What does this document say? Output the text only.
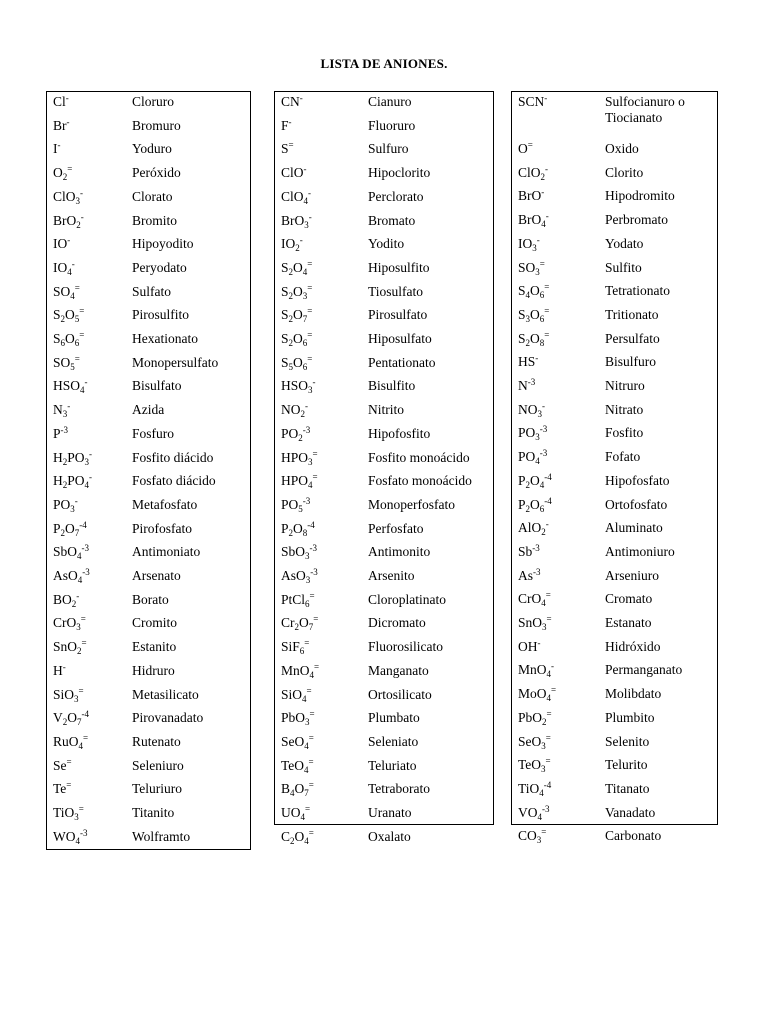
LISTA DE ANIONES.
Cl-	Cloruro
Br-	Bromuro
I-	Yoduro
$O_2^=$	Peróxido
ClO$_3$-	Clorato
BrO$_2$-	Bromito
IO-	Hipoyodito
$IO_4^-$	Peryodato
$SO_4^=$	Sulfato
$S_2O_5^=$	Pirosulfito
$S_6O_6^=$	Hexationato
$SO_5^=$	Monopersulfato
$HSO_4^-$	Bisulfato
$N_3^-$	Azida
$P^{-3}$	Fosfuro
$H_2PO_3^-$	Fosfito diácido
$H_2PO_4^-$	Fosfato diácido
$PO_3^-$	Metafosfato
$P_2O_7^{-4}$	Pirofosfato
SbO$_4^{-3}$	Antimoniato
AsO$_4^{-3}$	Arsenato
$BO_2^-$	Borato
CrO$_3$=	Cromito
SnO$_2$=	Estanito
H-	Hidruro
SiO$_3$=	Metasilicato
$V_2O_7^{-4}$	Pirovanadato
RuO$_4$=	Rutenato
Se=	Seleniuro
Te=	Teluriuro
TiO$_3$=	Titanito
$WO_4^{-3}$	Wolframto
CN-	Cianuro
F-	Fluoruro
S=	Sulfuro
ClO-	Hipoclorito
ClO$_4$-	Perclorato
BrO$_3$-	Bromato
$IO_2^-$	Yodito
$S_2O_4^=$	Hiposulfito
$S_2O_3^=$	Tiosulfato
$S_2O_7^=$	Pirosulfato
$S_2O_6^=$	Hiposulfato
$S_5O_6^=$	Pentationato
$HSO_3^-$	Bisulfito
$NO_2^-$	Nitrito
$PO_2^{-3}$	Hipofosfito
$HPO_3^=$	Fosfito monoácido
$HPO_4^=$	Fosfato monoácido
$PO_5^{-3}$	Monoperfosfato
$P_2O_8^{-4}$	Perfosfato
SbO$_3^{-3}$	Antimonito
AsO$_3^{-3}$	Arsenito
PtCl$_6$=	Cloroplatinato
$Cr_2O_7^=$	Dicromato
SiF$_6$=	Fluorosilicato
MnO$_4$=	Manganato
SiO$_4$=	Ortosilicato
PbO$_3$=	Plumbato
SeO$_4$=	Seleniato
TeO$_4$=	Teluriato
$B_4O_7^=$	Tetraborato
$UO_4^=$	Uranato
$C_2O_4^=$	Oxalato
SCN-	Sulfocianuro o Tiocianato
O=	Oxido
ClO$_2$-	Clorito
BrO-	Hipodromito
BrO$_4$-	Perbromato
$IO_3^-$	Yodato
$SO_3^=$	Sulfito
$S_4O_6^=$	Tetrationato
$S_3O_6^=$	Tritionato
$S_2O_8^=$	Persulfato
HS-	Bisulfuro
$N^{-3}$	Nitruro
$NO_3^-$	Nitrato
$PO_3^{-3}$	Fosfito
$PO_4^{-3}$	Fofato
$P_2O_4^{-4}$	Hipofosfato
$P_2O_6^{-4}$	Ortofosfato
AlO$_2$-	Aluminato
$Sb^{-3}$	Antimoniuro
$As^{-3}$	Arseniuro
CrO$_4$=	Cromato
SnO$_3$=	Estanato
OH-	Hidróxido
MnO$_4$-	Permanganato
MoO$_4$=	Molibdato
PbO$_2$=	Plumbito
SeO$_3$=	Selenito
TeO$_3$=	Telurito
TiO$_4^{-4}$	Titanato
$VO_4^{-3}$	Vanadato
$CO_3^=$	Carbonato
